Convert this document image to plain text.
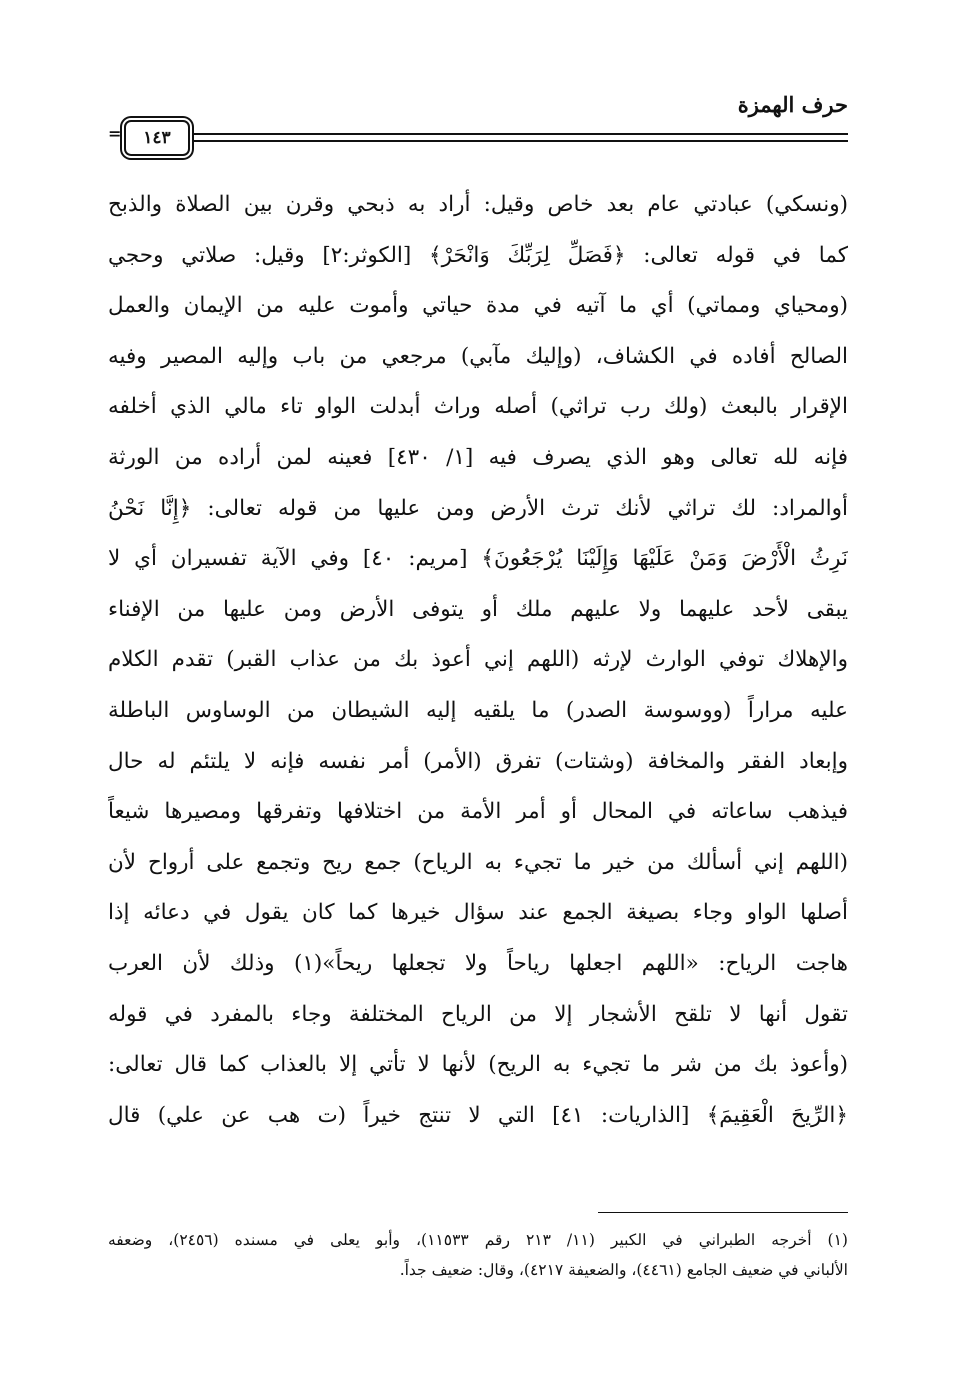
حرف الهمزة
١٤٣
=
(ونسكي) عبادتي عام بعد خاص وقيل: أراد به ذبحي وقرن بين الصلاة والذبح
كما في قوله تعالى: ﴿فَصَلِّ لِرَبِّكَ وَانْحَرْ﴾ [الكوثر:٢] وقيل: صلاتي وحجي
(ومحياي ومماتي) أي ما آتيه في مدة حياتي وأموت عليه من الإيمان والعمل
الصالح أفاده في الكشاف، (وإليك مآبي) مرجعي من باب وإليه المصير وفيه
الإقرار بالبعث (ولك رب تراثي) أصله وراث أبدلت الواو تاء مالي الذي أخلفه
فإنه لله تعالى وهو الذي يصرف فيه [١/ ٤٣٠] فعينه لمن أراده من الورثة
أوالمراد: لك تراثي لأنك ترث الأرض ومن عليها من قوله تعالى: ﴿إِنَّا نَحْنُ
نَرِثُ الْأَرْضَ وَمَنْ عَلَيْهَا وَإِلَيْنَا يُرْجَعُونَ﴾ [مريم: ٤٠] وفي الآية تفسيران أي لا
يبقى لأحد عليهما ولا عليهم ملك أو يتوفى الأرض ومن عليها من الإفناء
والإهلاك توفي الوارث لإرثه (اللهم إني أعوذ بك من عذاب القبر) تقدم الكلام
عليه مراراً (ووسوسة الصدر) ما يلقيه إليه الشيطان من الوساوس الباطلة
وإبعاد الفقر والمخافة (وشتات) تفرق (الأمر) أمر نفسه فإنه لا يلتئم له حال
فيذهب ساعاته في المحال أو أمر الأمة من اختلافها وتفرقها ومصيرها شيعاً
(اللهم إني أسألك من خير ما تجيء به الرياح) جمع ريح وتجمع على أرواح لأن
أصلها الواو وجاء بصيغة الجمع عند سؤال خيرها كما كان يقول في دعائه إذا
هاجت الرياح: «اللهم اجعلها رياحاً ولا تجعلها ريحاً»(١) وذلك لأن العرب
تقول أنها لا تلقح الأشجار إلا من الرياح المختلفة وجاء بالمفرد في قوله
(وأعوذ بك من شر ما تجيء به الريح) لأنها لا تأتي إلا بالعذاب كما قال تعالى:
﴿الرِّيحَ الْعَقِيمَ﴾ [الذاريات: ٤١] التي لا تنتج خيراً (ت هب عن علي) قال
(١) أخرجه الطبراني في الكبير (١١/ ٢١٣ رقم ١١٥٣٣)، وأبو يعلى في مسنده (٢٤٥٦)، وضعفه
الألباني في ضعيف الجامع (٤٤٦١)، والضعيفة ٤٢١٧)، وقال: ضعيف جداً.
